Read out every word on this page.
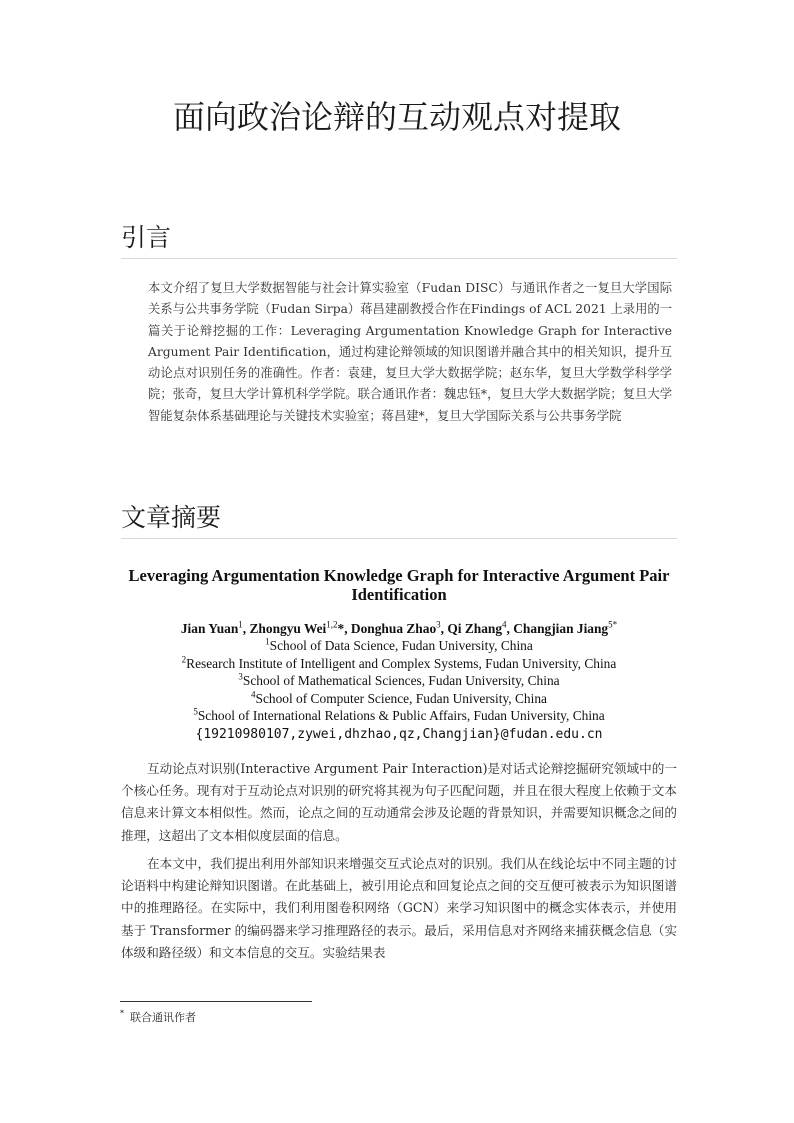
面向政治论辩的互动观点对提取
引言

本文介绍了复旦大学数据智能与社会计算实验室（Fudan DISC）与通讯作者之一复旦大学国际关系与公共事务学院（Fudan Sirpa）蒋昌建副教授合作在Findings of ACL 2021 上录用的一篇关于论辩挖掘的工作：Leveraging Argumentation Knowledge Graph for Interactive Argument Pair Identification，通过构建论辩领域的知识图谱并融合其中的相关知识，提升互动论点对识别任务的准确性。作者：袁建，复旦大学大数据学院；赵东华，复旦大学数学科学学院；张奇，复旦大学计算机科学学院。联合通讯作者：魏忠钰*，复旦大学大数据学院；复旦大学智能复杂体系基础理论与关键技术实验室；蒋昌建*，复旦大学国际关系与公共事务学院

文章摘要

Leveraging Argumentation Knowledge Graph for Interactive Argument Pair Identification

Jian Yuan$^1$, Zhongyu Wei$^{1,2}$*, Donghua Zhao$^3$, Qi Zhang$^4$, Changjian Jiang$^{5*}$
$^1$School of Data Science, Fudan University, China
$^2$Research Institute of Intelligent and Complex Systems, Fudan University, China
$^3$School of Mathematical Sciences, Fudan University, China
$^4$School of Computer Science, Fudan University, China
$^5$School of International Relations & Public Affairs, Fudan University, China
{19210980107,zywei,dhzhao,qz,Changjian}@fudan.edu.cn

互动论点对识别(Interactive Argument Pair Interaction)是对话式论辩挖掘研究领域中的一个核心任务。现有对于互动论点对识别的研究将其视为句子匹配问题，并且在很大程度上依赖于文本信息来计算文本相似性。然而，论点之间的互动通常会涉及论题的背景知识，并需要知识概念之间的推理，这超出了文本相似度层面的信息。

在本文中，我们提出利用外部知识来增强交互式论点对的识别。我们从在线论坛中不同主题的讨论语料中构建论辩知识图谱。在此基础上，被引用论点和回复论点之间的交互便可被表示为知识图谱中的推理路径。在实际中，我们利用图卷积网络（GCN）来学习知识图中的概念实体表示，并使用基于 Transformer 的编码器来学习推理路径的表示。最后，采用信息对齐网络来捕获概念信息（实体级和路径级）和文本信息的交互。实验结果表

* 联合通讯作者
